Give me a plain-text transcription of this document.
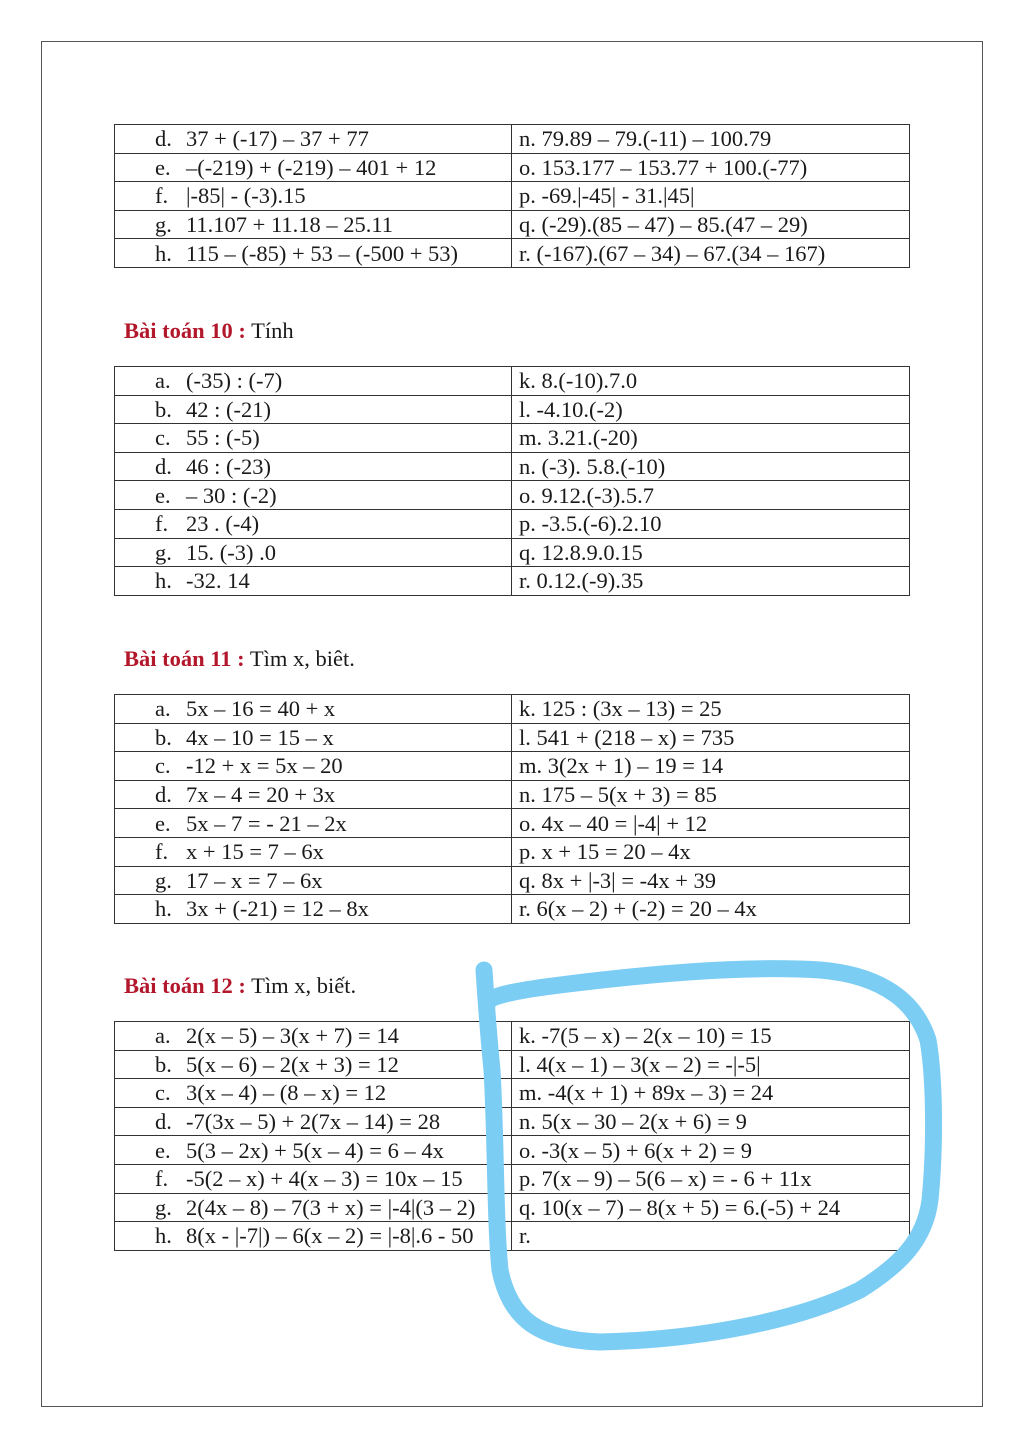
d. 37 + (-17) – 37 + 77	n. 79.89 – 79.(-11) – 100.79
e. –(-219) + (-219) – 401 + 12	o. 153.177 – 153.77 + 100.(-77)
f. |-85| - (-3).15	p. -69.|-45| - 31.|45|
g. 11.107 + 11.18 – 25.11	q. (-29).(85 – 47) – 85.(47 – 29)
h. 115 – (-85) + 53 – (-500 + 53)	r. (-167).(67 – 34) – 67.(34 – 167)
Bài toán 10 : Tính
a. (-35) : (-7)	k. 8.(-10).7.0
b. 42 : (-21)	l. -4.10.(-2)
c. 55 : (-5)	m. 3.21.(-20)
d. 46 : (-23)	n. (-3). 5.8.(-10)
e. – 30 : (-2)	o. 9.12.(-3).5.7
f. 23 . (-4)	p. -3.5.(-6).2.10
g. 15. (-3) .0	q. 12.8.9.0.15
h. -32. 14	r. 0.12.(-9).35
Bài toán 11 : Tìm x, biêt.
a. 5x – 16 = 40 + x	k. 125 : (3x – 13) = 25
b. 4x – 10 = 15 – x	l. 541 + (218 – x) = 735
c. -12 + x = 5x – 20	m. 3(2x + 1) – 19 = 14
d. 7x – 4 = 20 + 3x	n. 175 – 5(x + 3) = 85
e. 5x – 7 = - 21 – 2x	o. 4x – 40 = |-4| + 12
f. x + 15 = 7 – 6x	p. x + 15 = 20 – 4x
g. 17 – x = 7 – 6x	q. 8x + |-3| = -4x + 39
h. 3x + (-21) = 12 – 8x	r. 6(x – 2) + (-2) = 20 – 4x
Bài toán 12 : Tìm x, biết.
a. 2(x – 5) – 3(x + 7) = 14	k. -7(5 – x) – 2(x – 10) = 15
b. 5(x – 6) – 2(x + 3) = 12	l. 4(x – 1) – 3(x – 2) = -|-5|
c. 3(x – 4) – (8 – x) = 12	m. -4(x + 1) + 89x – 3) = 24
d. -7(3x – 5) + 2(7x – 14) = 28	n. 5(x – 30 – 2(x + 6) = 9
e. 5(3 – 2x) + 5(x – 4) = 6 – 4x	o. -3(x – 5) + 6(x + 2) = 9
f. -5(2 – x) + 4(x – 3) = 10x – 15	p. 7(x – 9) – 5(6 – x) = - 6 + 11x
g. 2(4x – 8) – 7(3 + x) = |-4|(3 – 2)	q. 10(x – 7) – 8(x + 5) = 6.(-5) + 24
h. 8(x - |-7|) – 6(x – 2) = |-8|.6 - 50	r.
